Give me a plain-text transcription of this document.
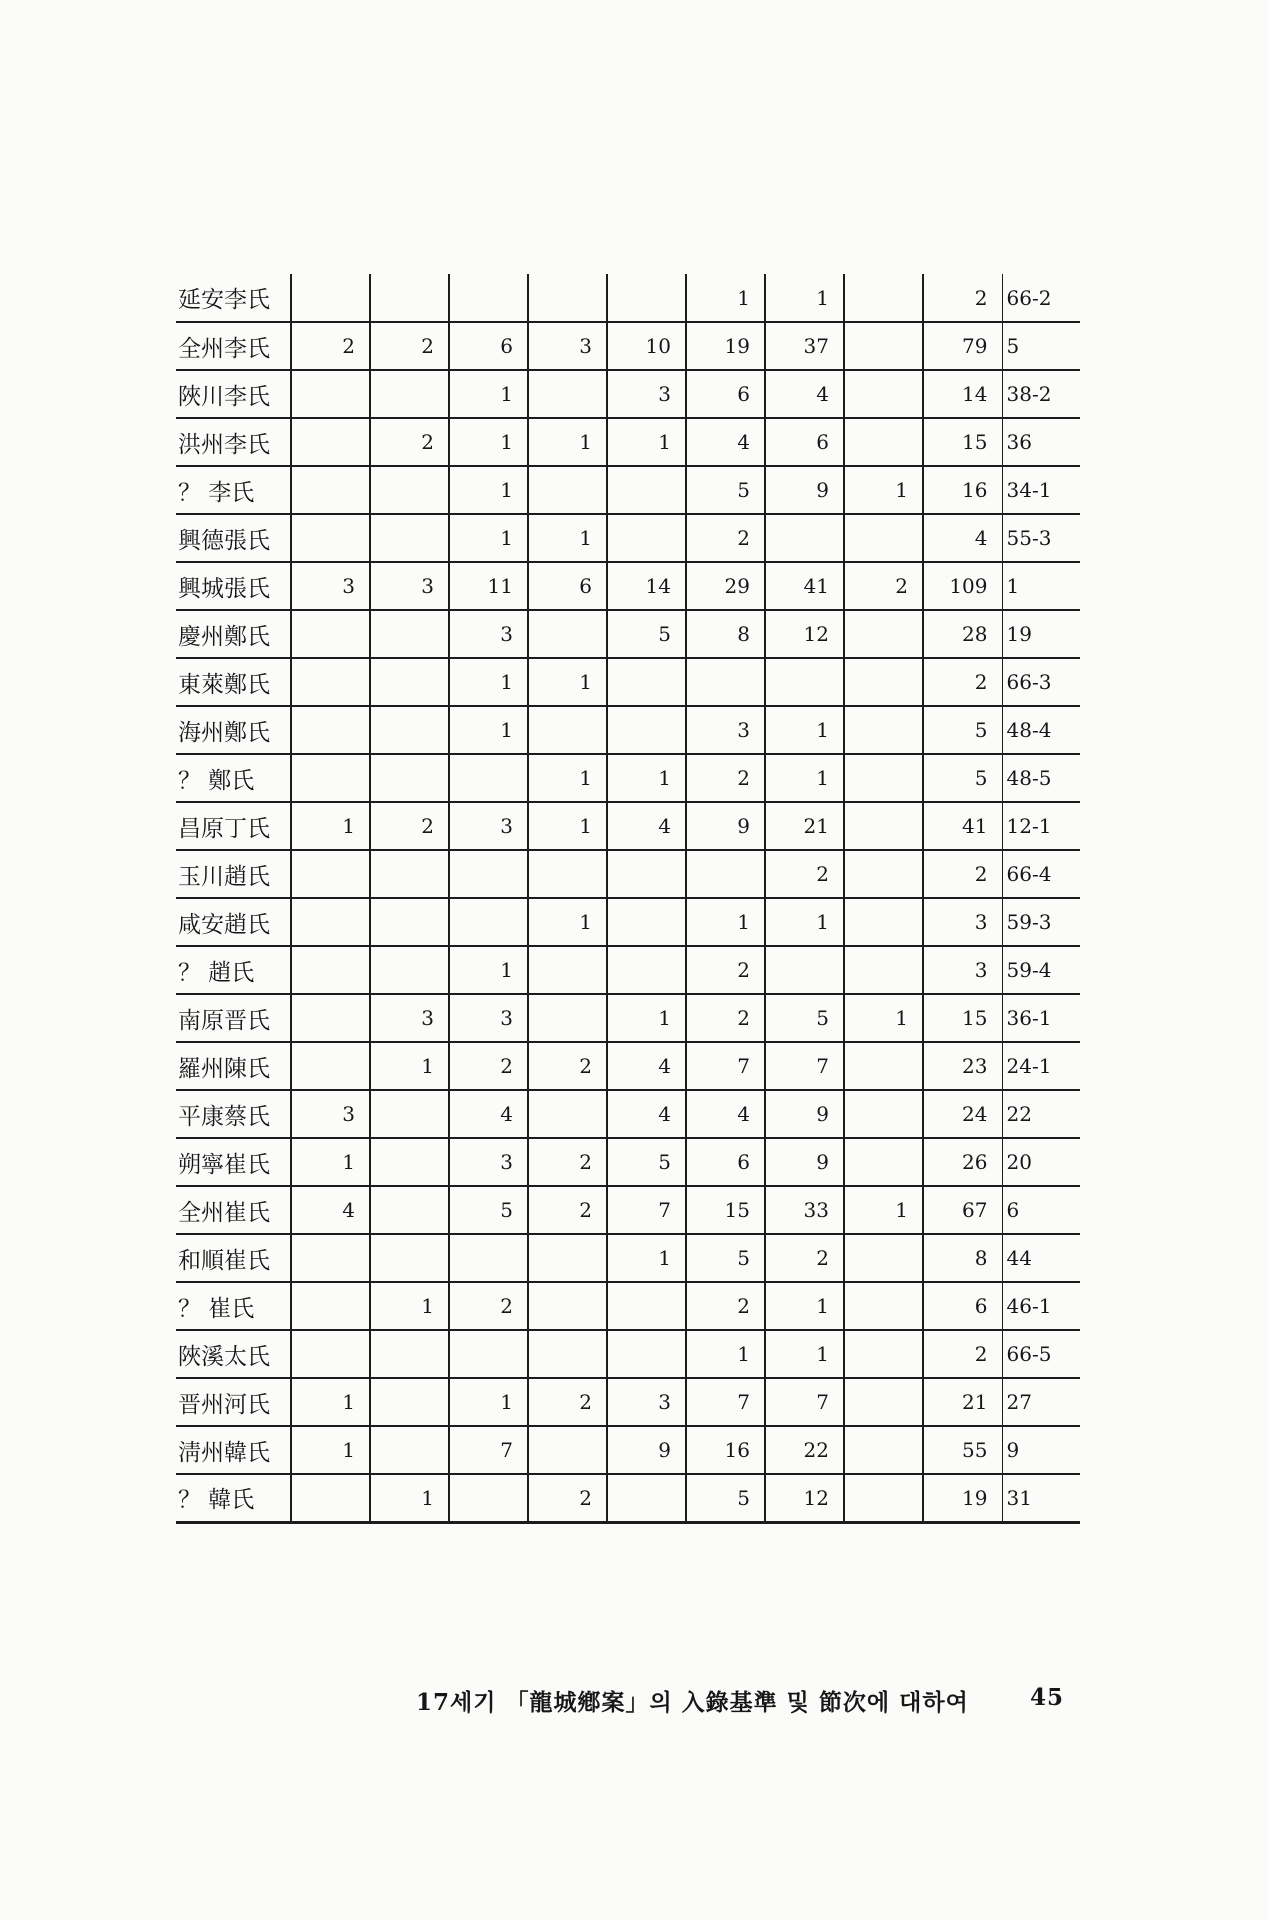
延安李氏						1	1		2	66-2
全州李氏	2	2	6	3	10	19	37		79	5
陜川李氏			1		3	6	4		14	38-2
洪州李氏		2	1	1	1	4	6		15	36
？ 李氏			1			5	9	1	16	34-1
興德張氏			1	1		2			4	55-3
興城張氏	3	3	11	6	14	29	41	2	109	1
慶州鄭氏			3		5	8	12		28	19
東萊鄭氏			1	1					2	66-3
海州鄭氏			1			3	1		5	48-4
？ 鄭氏				1	1	2	1		5	48-5
昌原丁氏	1	2	3	1	4	9	21		41	12-1
玉川趙氏							2		2	66-4
咸安趙氏				1		1	1		3	59-3
？ 趙氏			1			2			3	59-4
南原晋氏		3	3		1	2	5	1	15	36-1
羅州陳氏		1	2	2	4	7	7		23	24-1
平康蔡氏	3		4		4	4	9		24	22
朔寧崔氏	1		3	2	5	6	9		26	20
全州崔氏	4		5	2	7	15	33	1	67	6
和順崔氏					1	5	2		8	44
？ 崔氏		1	2			2	1		6	46-1
陜溪太氏						1	1		2	66-5
晋州河氏	1		1	2	3	7	7		21	27
淸州韓氏	1		7		9	16	22		55	9
？ 韓氏		1		2		5	12		19	31
17세기 「龍城鄕案」의 入錄基準 및 節次에 대하여	45
